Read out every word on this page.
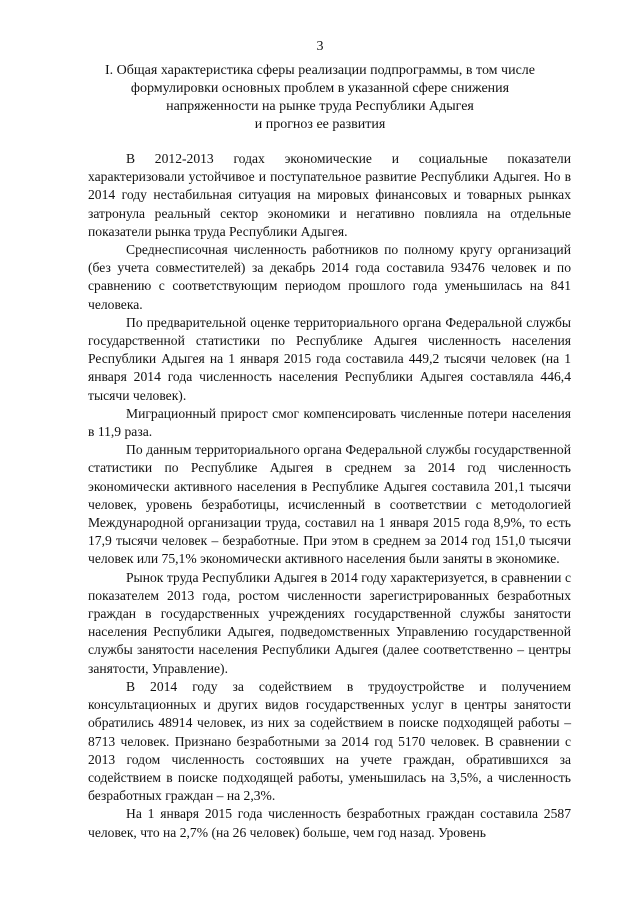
3
I. Общая характеристика сферы реализации подпрограммы, в том числе
формулировки основных проблем в указанной сфере снижения
напряженности на рынке труда Республики Адыгея
и прогноз ее развития

В 2012-2013 годах экономические и социальные показатели характеризовали устойчивое и поступательное развитие Республики Адыгея. Но в 2014 году нестабильная ситуация на мировых финансовых и товарных рынках затронула реальный сектор экономики и негативно повлияла на отдельные показатели рынка труда Республики Адыгея.

Среднесписочная численность работников по полному кругу организаций (без учета совместителей) за декабрь 2014 года составила 93476 человек и по сравнению с соответствующим периодом прошлого года уменьшилась на 841 человека.

По предварительной оценке территориального органа Федеральной службы государственной статистики по Республике Адыгея численность населения Республики Адыгея на 1 января 2015 года составила 449,2 тысячи человек (на 1 января 2014 года численность населения Республики Адыгея составляла 446,4 тысячи человек).

Миграционный прирост смог компенсировать численные потери населения в 11,9 раза.

По данным территориального органа Федеральной службы государственной статистики по Республике Адыгея в среднем за 2014 год численность экономически активного населения в Республике Адыгея составила 201,1 тысячи человек, уровень безработицы, исчисленный в соответствии с методологией Международной организации труда, составил на 1 января 2015 года 8,9%, то есть 17,9 тысячи человек – безработные. При этом в среднем за 2014 год 151,0 тысячи человек или 75,1% экономически активного населения были заняты в экономике.

Рынок труда Республики Адыгея в 2014 году характеризуется, в сравнении с показателем 2013 года, ростом численности зарегистрированных безработных граждан в государственных учреждениях государственной службы занятости населения Республики Адыгея, подведомственных Управлению государственной службы занятости населения Республики Адыгея (далее соответственно – центры занятости, Управление).

В 2014 году за содействием в трудоустройстве и получением консультационных и других видов государственных услуг в центры занятости обратились 48914 человек, из них за содействием в поиске подходящей работы – 8713 человек. Признано безработными за 2014 год 5170 человек. В сравнении с 2013 годом численность состоявших на учете граждан, обратившихся за содействием в поиске подходящей работы, уменьшилась на 3,5%, а численность безработных граждан – на 2,3%.

На 1 января 2015 года численность безработных граждан составила 2587 человек, что на 2,7% (на 26 человек) больше, чем год назад. Уровень
